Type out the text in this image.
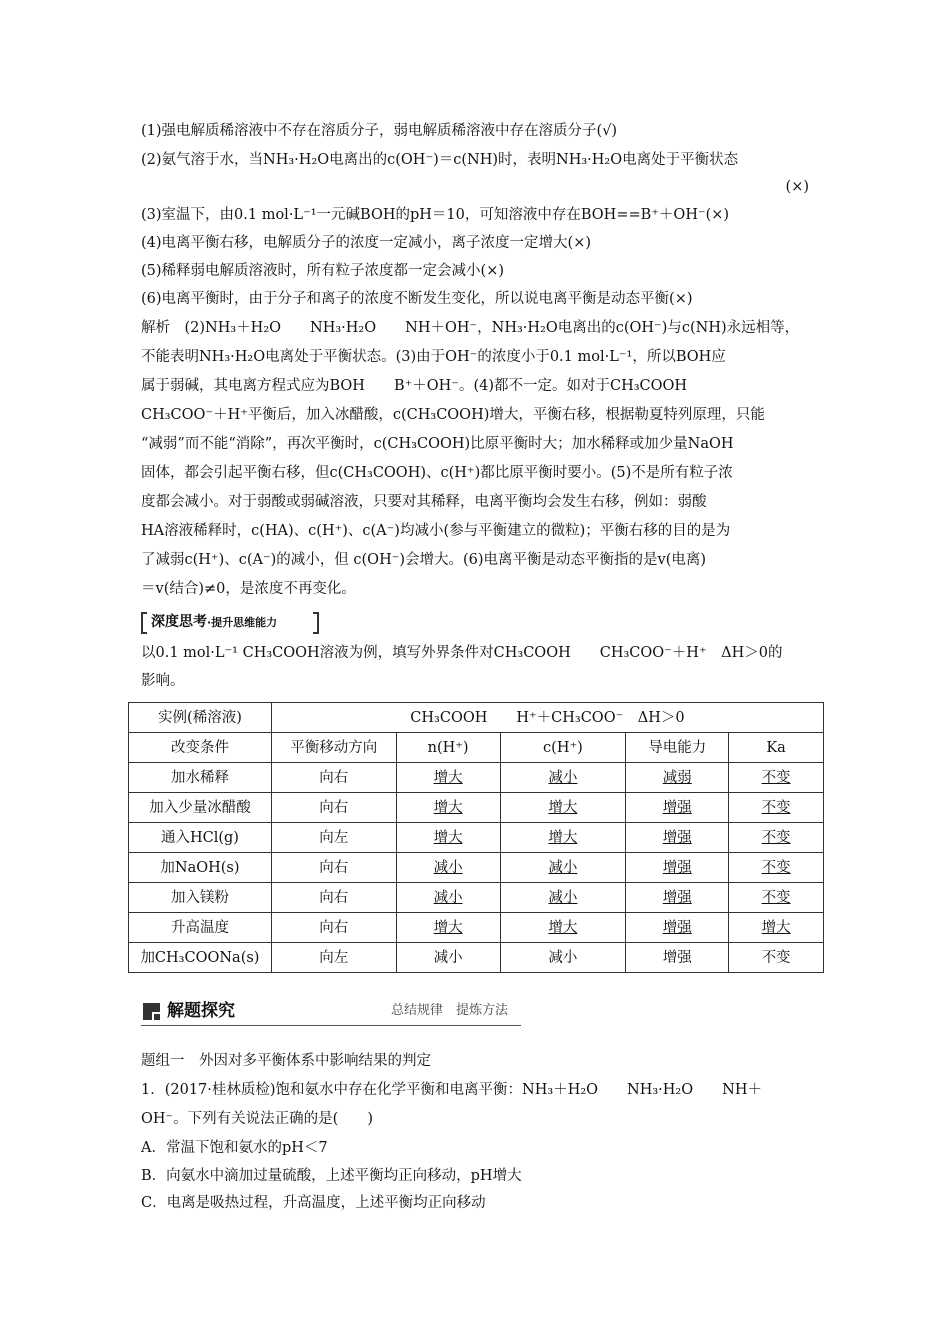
(1)强电解质稀溶液中不存在溶质分子，弱电解质稀溶液中存在溶质分子(√)
(2)氨气溶于水，当NH₃·H₂O电离出的c(OH⁻)＝c(NH)时，表明NH₃·H₂O电离处于平衡状态
(×)
(3)室温下，由0.1 mol·L⁻¹一元碱BOH的pH＝10，可知溶液中存在BOH==B⁺＋OH⁻(×)
(4)电离平衡右移，电解质分子的浓度一定减小，离子浓度一定增大(×)
(5)稀释弱电解质溶液时，所有粒子浓度都一定会减小(×)
(6)电离平衡时，由于分子和离子的浓度不断发生变化，所以说电离平衡是动态平衡(×)
解析　(2)NH₃＋H₂O　　NH₃·H₂O　　NH＋OH⁻，NH₃·H₂O电离出的c(OH⁻)与c(NH)永远相等，
不能表明NH₃·H₂O电离处于平衡状态。(3)由于OH⁻的浓度小于0.1 mol·L⁻¹，所以BOH应
属于弱碱，其电离方程式应为BOH　　B⁺＋OH⁻。(4)都不一定。如对于CH₃COOH
CH₃COO⁻＋H⁺平衡后，加入冰醋酸，c(CH₃COOH)增大，平衡右移，根据勒夏特列原理，只能
“减弱”而不能“消除”，再次平衡时，c(CH₃COOH)比原平衡时大；加水稀释或加少量NaOH
固体，都会引起平衡右移，但c(CH₃COOH)、c(H⁺)都比原平衡时要小。(5)不是所有粒子浓
度都会减小。对于弱酸或弱碱溶液，只要对其稀释，电离平衡均会发生右移，例如：弱酸
HA溶液稀释时，c(HA)、c(H⁺)、c(A⁻)均减小(参与平衡建立的微粒)；平衡右移的目的是为
了减弱c(H⁺)、c(A⁻)的减小，但 c(OH⁻)会增大。(6)电离平衡是动态平衡指的是v(电离)
＝v(结合)≠0，是浓度不再变化。
深度思考·提升思维能力
以0.1 mol·L⁻¹ CH₃COOH溶液为例，填写外界条件对CH₃COOH　　CH₃COO⁻＋H⁺　ΔH＞0的
影响。
实例(稀溶液)	CH₃COOH　　H⁺＋CH₃COO⁻　ΔH＞0				
改变条件	平衡移动方向	n(H⁺)	c(H⁺)	导电能力	Ka
加水稀释	向右	增大	减小	减弱	不变
加入少量冰醋酸	向右	增大	增大	增强	不变
通入HCl(g)	向左	增大	增大	增强	不变
加NaOH(s)	向右	减小	减小	增强	不变
加入镁粉	向右	减小	减小	增强	不变
升高温度	向右	增大	增大	增强	增大
加CH₃COONa(s)	向左	减小	减小	增强	不变
解题探究	总结规律　提炼方法
题组一　外因对多平衡体系中影响结果的判定
1．(2017·桂林质检)饱和氨水中存在化学平衡和电离平衡：NH₃＋H₂O　　NH₃·H₂O　　NH＋
OH⁻。下列有关说法正确的是(　　)
A．常温下饱和氨水的pH＜7
B．向氨水中滴加过量硫酸，上述平衡均正向移动，pH增大
C．电离是吸热过程，升高温度，上述平衡均正向移动
